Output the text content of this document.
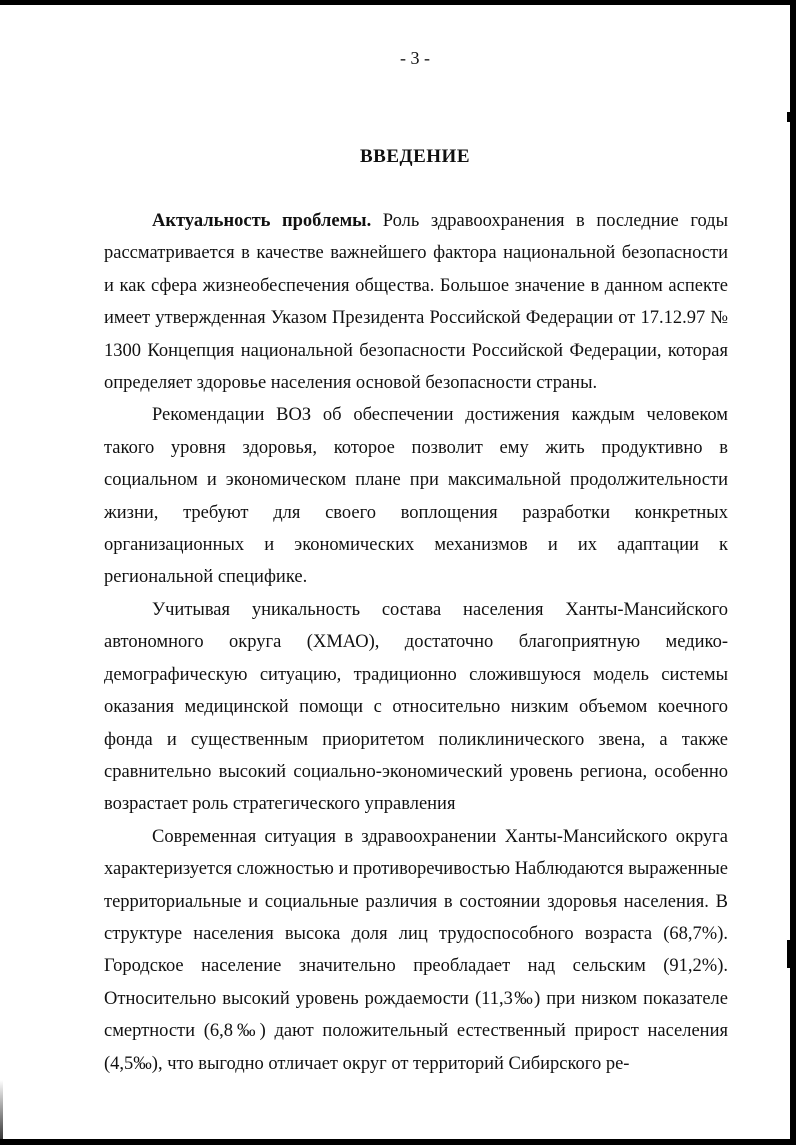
- 3 -
ВВЕДЕНИЕ

Актуальность проблемы. Роль здравоохранения в последние годы рассматривается в качестве важнейшего фактора национальной безопасности и как сфера жизнеобеспечения общества. Большое значение в данном аспекте имеет утвержденная Указом Президента Российской Федерации от 17.12.97 № 1300 Концепция национальной безопасности Российской Федерации, которая определяет здоровье населения основой безопасности страны.

Рекомендации ВОЗ об обеспечении достижения каждым человеком такого уровня здоровья, которое позволит ему жить продуктивно в социальном и экономическом плане при максимальной продолжительности жизни, требуют для своего воплощения разработки конкретных организационных и экономических механизмов и их адаптации к региональной специфике.

Учитывая уникальность состава населения Ханты-Мансийского автономного округа (ХМАО), достаточно благоприятную медико-демографическую ситуацию, традиционно сложившуюся модель системы оказания медицинской помощи с относительно низким объемом коечного фонда и существенным приоритетом поликлинического звена, а также сравнительно высокий социально-экономический уровень региона, особенно возрастает роль стратегического управления

Современная ситуация в здравоохранении Ханты-Мансийского округа характеризуется сложностью и противоречивостью Наблюдаются выраженные территориальные и социальные различия в состоянии здоровья населения. В структуре населения высока доля лиц трудоспособного возраста (68,7%). Городское население значительно преобладает над сельским (91,2%). Относительно высокий уровень рождаемости (11,3‰) при низком показателе смертности (6,8‰) дают положительный естественный прирост населения (4,5‰), что выгодно отличает округ от территорий Сибирского ре-
